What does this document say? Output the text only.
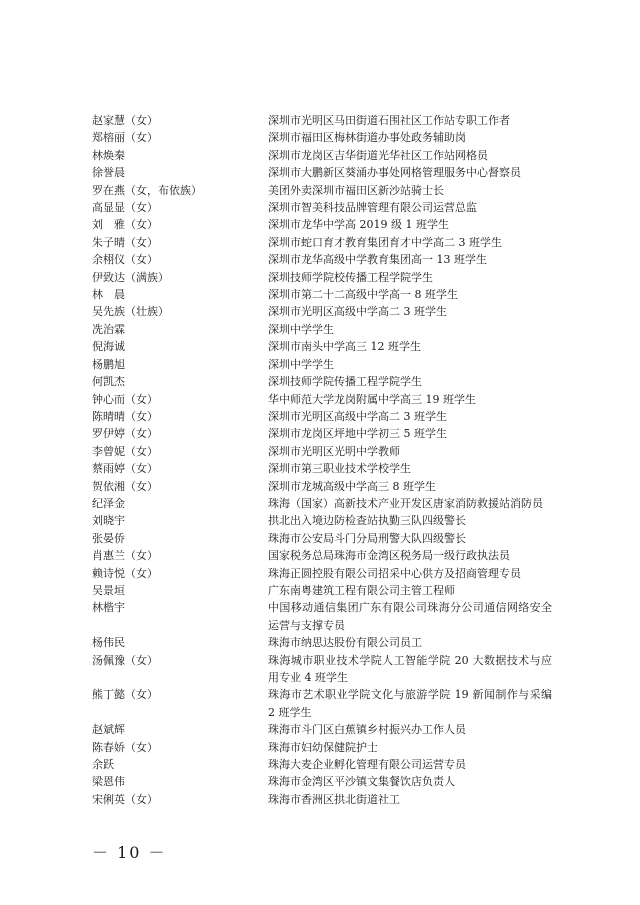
赵家慧（女）	深圳市光明区马田街道石围社区工作站专职工作者
郑榕丽（女）	深圳市福田区梅林街道办事处政务辅助岗
林焕秦	深圳市龙岗区吉华街道光华社区工作站网格员
徐誉晨	深圳市大鹏新区葵涌办事处网格管理服务中心督察员
罗在燕（女，布依族）	美团外卖深圳市福田区新沙站骑士长
高显显（女）	深圳市智美科技品牌管理有限公司运营总监
刘　雅（女）	深圳市龙华中学高 2019 级 1 班学生
朱子晴（女）	深圳市蛇口育才教育集团育才中学高二 3 班学生
余栩仪（女）	深圳市龙华高级中学教育集团高一 13 班学生
伊致达（满族）	深圳技师学院校传播工程学院学生
林　晨	深圳市第二十二高级中学高一 8 班学生
吴先族（壮族）	深圳市光明区高级中学高二 3 班学生
冼治霖	深圳中学学生
倪海诚	深圳市南头中学高三 12 班学生
杨鹏旭	深圳中学学生
何凯杰	深圳技师学院传播工程学院学生
钟心而（女）	华中师范大学龙岗附属中学高三 19 班学生
陈晴晴（女）	深圳市光明区高级中学高二 3 班学生
罗伊婷（女）	深圳市龙岗区坪地中学初三 5 班学生
李曾妮（女）	深圳市光明区光明中学教师
蔡雨婷（女）	深圳市第三职业技术学校学生
贺依湘（女）	深圳市龙城高级中学高三 8 班学生
纪泽金	珠海（国家）高新技术产业开发区唐家消防救援站消防员
刘晓宇	拱北出入境边防检查站执勤三队四级警长
张晏侨	珠海市公安局斗门分局刑警大队四级警长
肖惠兰（女）	国家税务总局珠海市金湾区税务局一级行政执法员
赖诗悦（女）	珠海正圆控股有限公司招采中心供方及招商管理专员
吴景垣	广东南粤建筑工程有限公司主管工程师
林楷宇	中国移动通信集团广东有限公司珠海分公司通信网络安全运营与支撑专员
杨伟民	珠海市纳思达股份有限公司员工
汤佩豫（女）	珠海城市职业技术学院人工智能学院 20 大数据技术与应用专业 4 班学生
熊丁懿（女）	珠海市艺术职业学院文化与旅游学院 19 新闻制作与采编 2 班学生
赵斌辉	珠海市斗门区白蕉镇乡村振兴办工作人员
陈春娇（女）	珠海市妇幼保健院护士
余跃	珠海大麦企业孵化管理有限公司运营专员
梁恩伟	珠海市金湾区平沙镇文集餐饮店负责人
宋俐英（女）	珠海市香洲区拱北街道社工
－ 10 －
